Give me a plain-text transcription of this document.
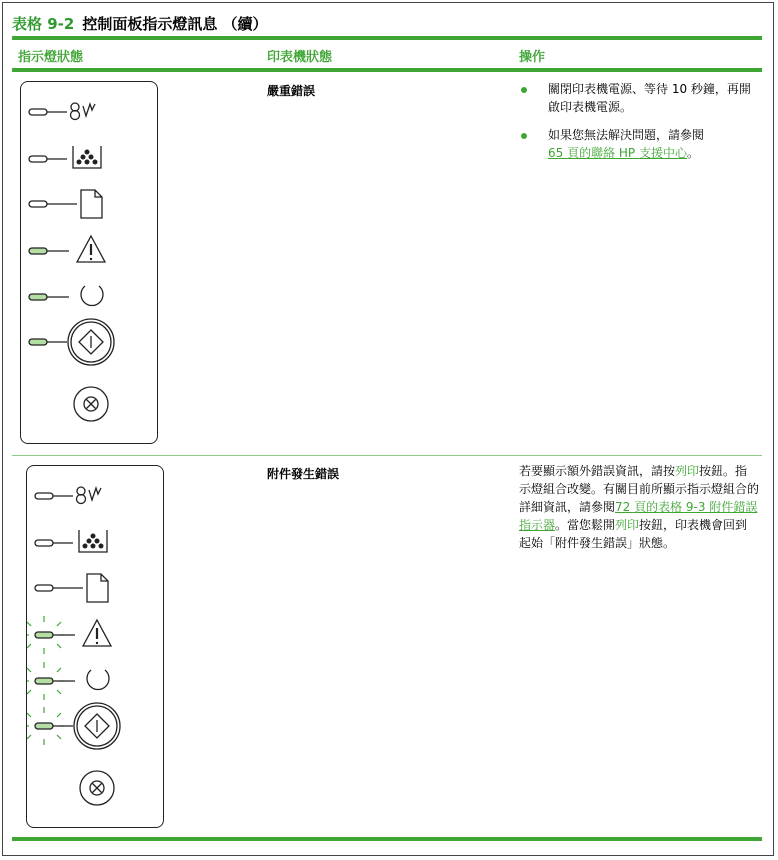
表格 9-2 控制面板指示燈訊息 （續）
指示燈狀態	印表機狀態	操作
嚴重錯誤	關閉印表機電源、等待 10 秒鐘，再開啟印表機電源。
如果您無法解決問題，請參閱
65 頁的聯絡 HP 支援中心。
附件發生錯誤	若要顯示額外錯誤資訊，請按列印按鈕。指示燈組合改變。有關目前所顯示指示燈組合的詳細資訊，請參閱72 頁的表格 9-3 附件錯誤指示器。當您鬆開列印按鈕，印表機會回到起始「附件發生錯誤」狀態。
